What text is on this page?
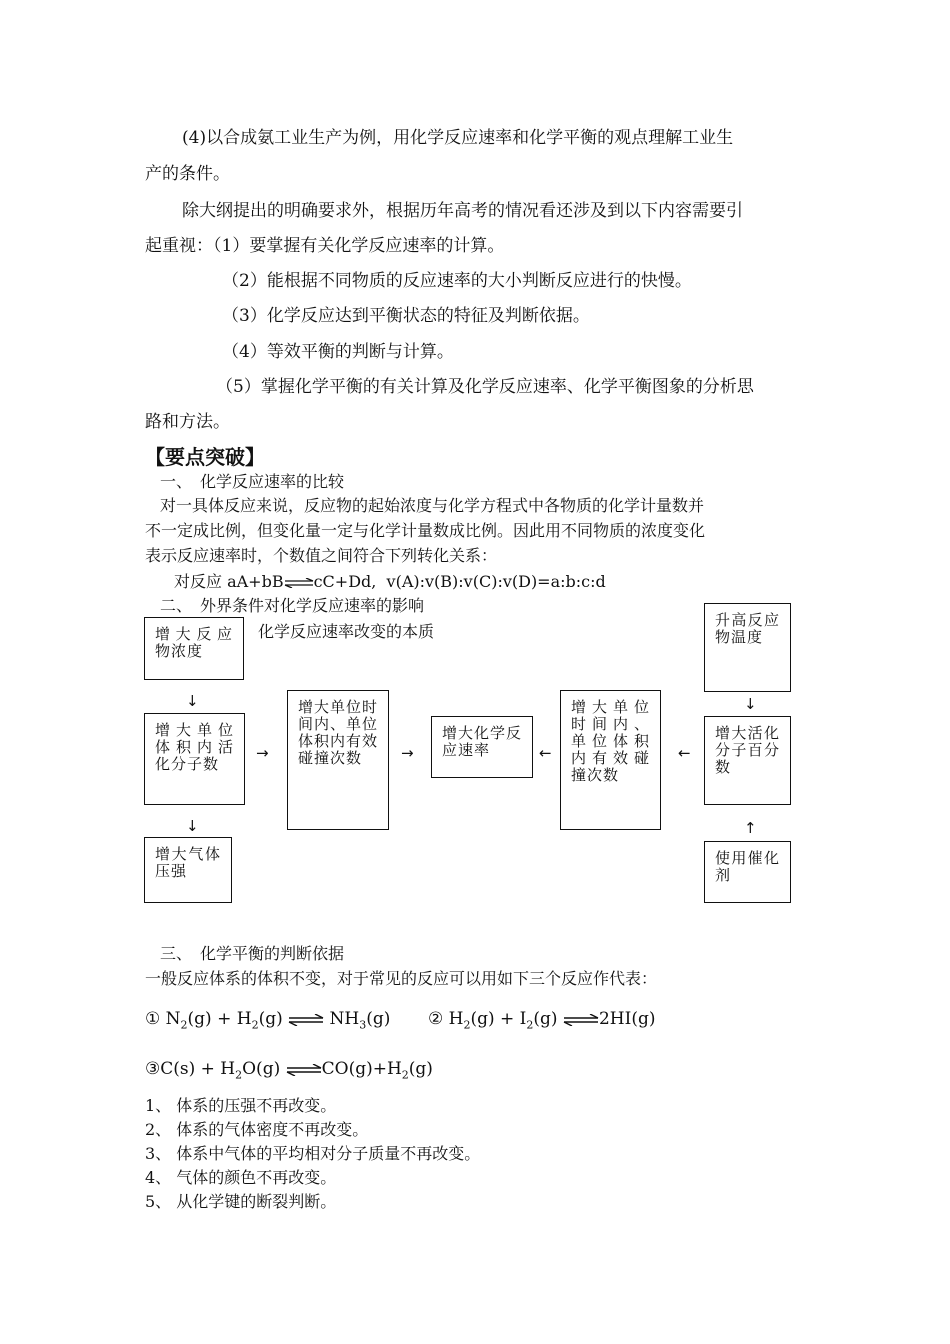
(4)以合成氨工业生产为例，用化学反应速率和化学平衡的观点理解工业生
产的条件。
除大纲提出的明确要求外，根据历年高考的情况看还涉及到以下内容需要引
起重视：（1）要掌握有关化学反应速率的计算。
（2）能根据不同物质的反应速率的大小判断反应进行的快慢。
（3）化学反应达到平衡状态的特征及判断依据。
（4）等效平衡的判断与计算。
（5）掌握化学平衡的有关计算及化学反应速率、化学平衡图象的分析思
路和方法。
【要点突破】
一、　化学反应速率的比较
对一具体反应来说，反应物的起始浓度与化学方程式中各物质的化学计量数并
不一定成比例，但变化量一定与化学计量数成比例。因此用不同物质的浓度变化
表示反应速率时，个数值之间符合下列转化关系：
对反应 aA+bB⇌cC+Dd, v(A):v(B):v(C):v(D)=a:b:c:d
二、　外界条件对化学反应速率的影响
化学反应速率改变的本质
增大反应物浓度
增大单位体积内活化分子数
增大气体压强
增大单位时间内、单位体积内有效碰撞次数
增大化学反应速率
增大单位时间内、单位体积内有效碰撞次数
升高反应物温度
增大活化分子百分数
使用催化剂
↓
↓
→	→	←	←
↓
↑
三、　化学平衡的判断依据
一般反应体系的体积不变，对于常见的反应可以用如下三个反应作代表：
① $N_2(g) + H_2(g)$ ⇌ $NH_3(g)$ ② $H_2(g) + I_2(g)$ ⇌2HI(g)
③C(s) + $H_2O(g)$ $\rightleftharpoons CO(g)+H_2(g)$
1、 体系的压强不再改变。
2、 体系的气体密度不再改变。
3、 体系中气体的平均相对分子质量不再改变。
4、 气体的颜色不再改变。
5、 从化学键的断裂判断。
